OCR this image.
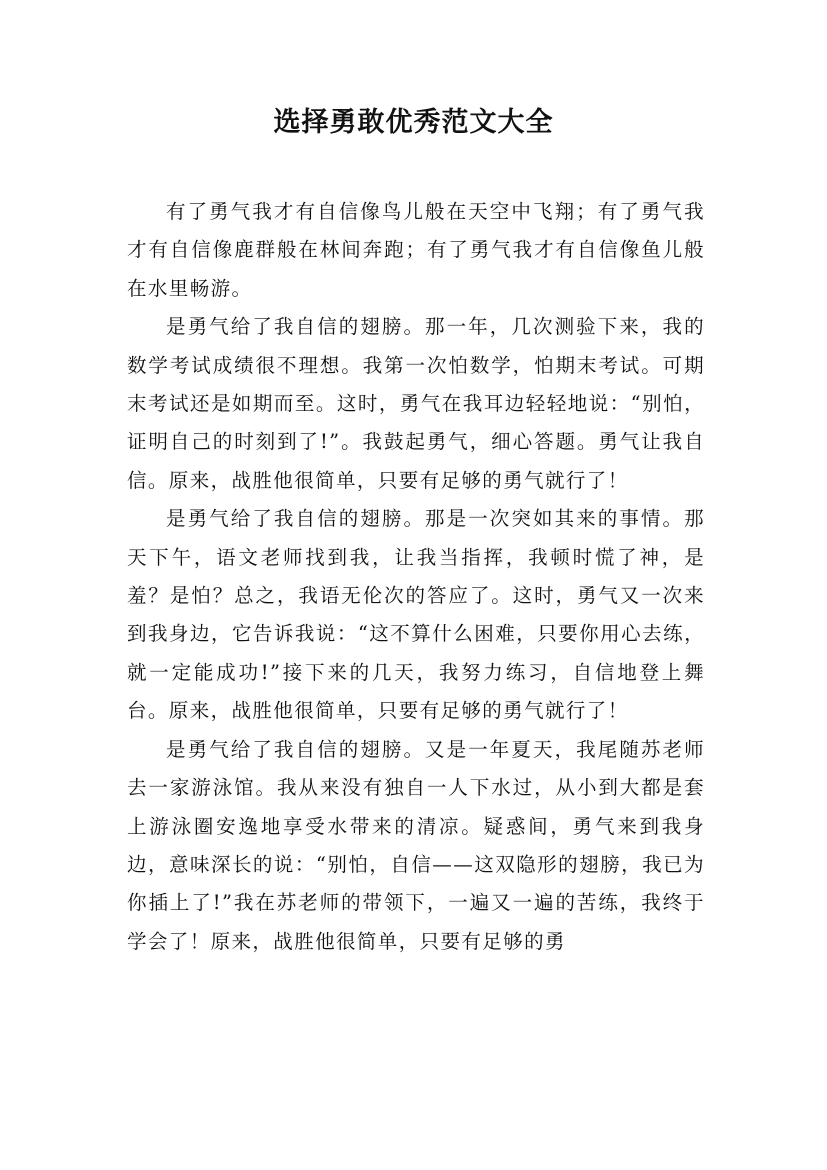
选择勇敢优秀范文大全

有了勇气我才有自信像鸟儿般在天空中飞翔；有了勇气我才有自信像鹿群般在林间奔跑；有了勇气我才有自信像鱼儿般在水里畅游。

是勇气给了我自信的翅膀。那一年，几次测验下来，我的数学考试成绩很不理想。我第一次怕数学，怕期末考试。可期末考试还是如期而至。这时，勇气在我耳边轻轻地说：“别怕，证明自己的时刻到了!”。我鼓起勇气，细心答题。勇气让我自信。原来，战胜他很简单，只要有足够的勇气就行了！

是勇气给了我自信的翅膀。那是一次突如其来的事情。那天下午，语文老师找到我，让我当指挥，我顿时慌了神，是羞？是怕？总之，我语无伦次的答应了。这时，勇气又一次来到我身边，它告诉我说：“这不算什么困难，只要你用心去练，就一定能成功!”接下来的几天，我努力练习，自信地登上舞台。原来，战胜他很简单，只要有足够的勇气就行了！

是勇气给了我自信的翅膀。又是一年夏天，我尾随苏老师去一家游泳馆。我从来没有独自一人下水过，从小到大都是套上游泳圈安逸地享受水带来的清凉。疑惑间，勇气来到我身边，意味深长的说：“别怕，自信——这双隐形的翅膀，我已为你插上了!”我在苏老师的带领下，一遍又一遍的苦练，我终于学会了！原来，战胜他很简单，只要有足够的勇
